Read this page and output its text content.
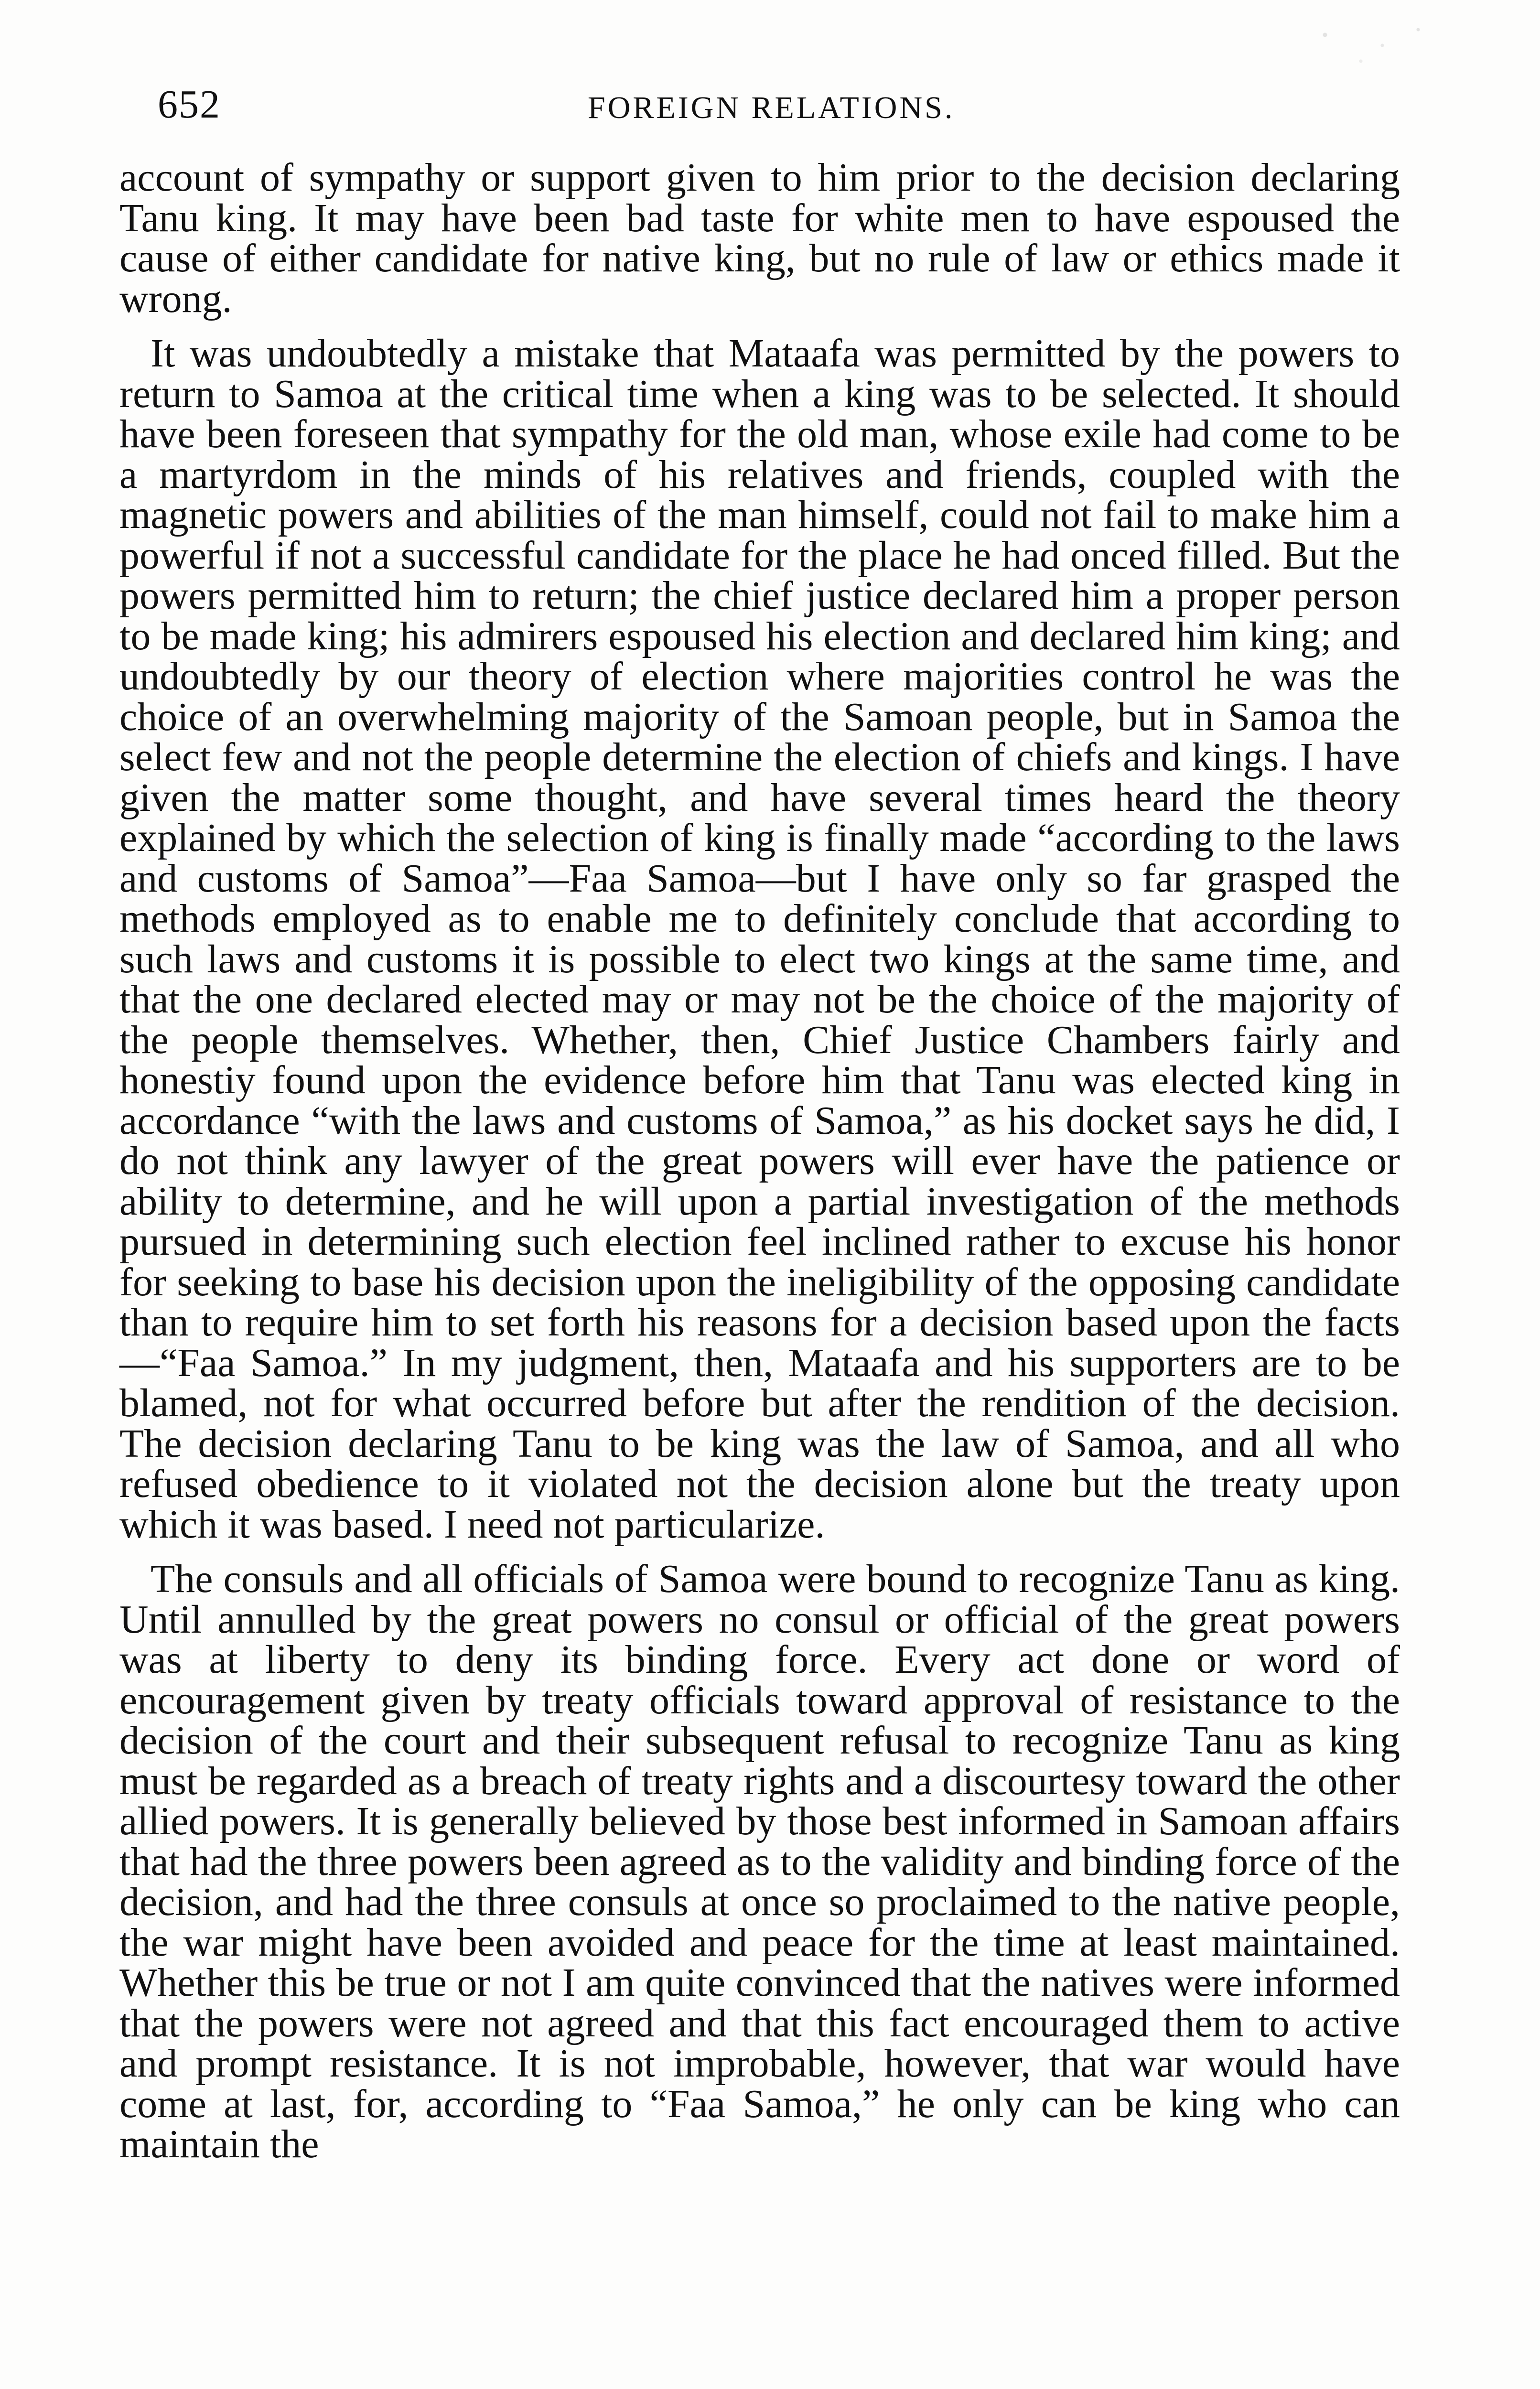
652	FOREIGN RELATIONS.

account of sympathy or support given to him prior to the decision declaring Tanu king. It may have been bad taste for white men to have espoused the cause of either candidate for native king, but no rule of law or ethics made it wrong.

It was undoubtedly a mistake that Mataafa was permitted by the powers to return to Samoa at the critical time when a king was to be selected. It should have been foreseen that sympathy for the old man, whose exile had come to be a martyrdom in the minds of his relatives and friends, coupled with the magnetic powers and abilities of the man himself, could not fail to make him a powerful if not a successful candidate for the place he had onced filled. But the powers permitted him to return; the chief justice declared him a proper person to be made king; his admirers espoused his election and declared him king; and undoubtedly by our theory of election where majorities control he was the choice of an overwhelming majority of the Samoan people, but in Samoa the select few and not the people determine the election of chiefs and kings. I have given the matter some thought, and have several times heard the theory explained by which the selection of king is finally made “according to the laws and customs of Samoa”—Faa Samoa—but I have only so far grasped the methods employed as to enable me to definitely conclude that according to such laws and customs it is possible to elect two kings at the same time, and that the one declared elected may or may not be the choice of the majority of the people themselves. Whether, then, Chief Justice Chambers fairly and honestiy found upon the evidence before him that Tanu was elected king in accordance “with the laws and customs of Samoa,” as his docket says he did, I do not think any lawyer of the great powers will ever have the patience or ability to determine, and he will upon a partial investigation of the methods pursued in determining such election feel inclined rather to excuse his honor for seeking to base his decision upon the ineligibility of the opposing candidate than to require him to set forth his reasons for a decision based upon the facts—“Faa Samoa.” In my judgment, then, Mataafa and his supporters are to be blamed, not for what occurred before but after the rendition of the decision. The decision declaring Tanu to be king was the law of Samoa, and all who refused obedience to it violated not the decision alone but the treaty upon which it was based. I need not particularize.

The consuls and all officials of Samoa were bound to recognize Tanu as king. Until annulled by the great powers no consul or official of the great powers was at liberty to deny its binding force. Every act done or word of encouragement given by treaty officials toward approval of resistance to the decision of the court and their subsequent refusal to recognize Tanu as king must be regarded as a breach of treaty rights and a discourtesy toward the other allied powers. It is generally believed by those best informed in Samoan affairs that had the three powers been agreed as to the validity and binding force of the decision, and had the three consuls at once so proclaimed to the native people, the war might have been avoided and peace for the time at least maintained. Whether this be true or not I am quite convinced that the natives were informed that the powers were not agreed and that this fact encouraged them to active and prompt resistance. It is not improbable, however, that war would have come at last, for, according to “Faa Samoa,” he only can be king who can maintain the
